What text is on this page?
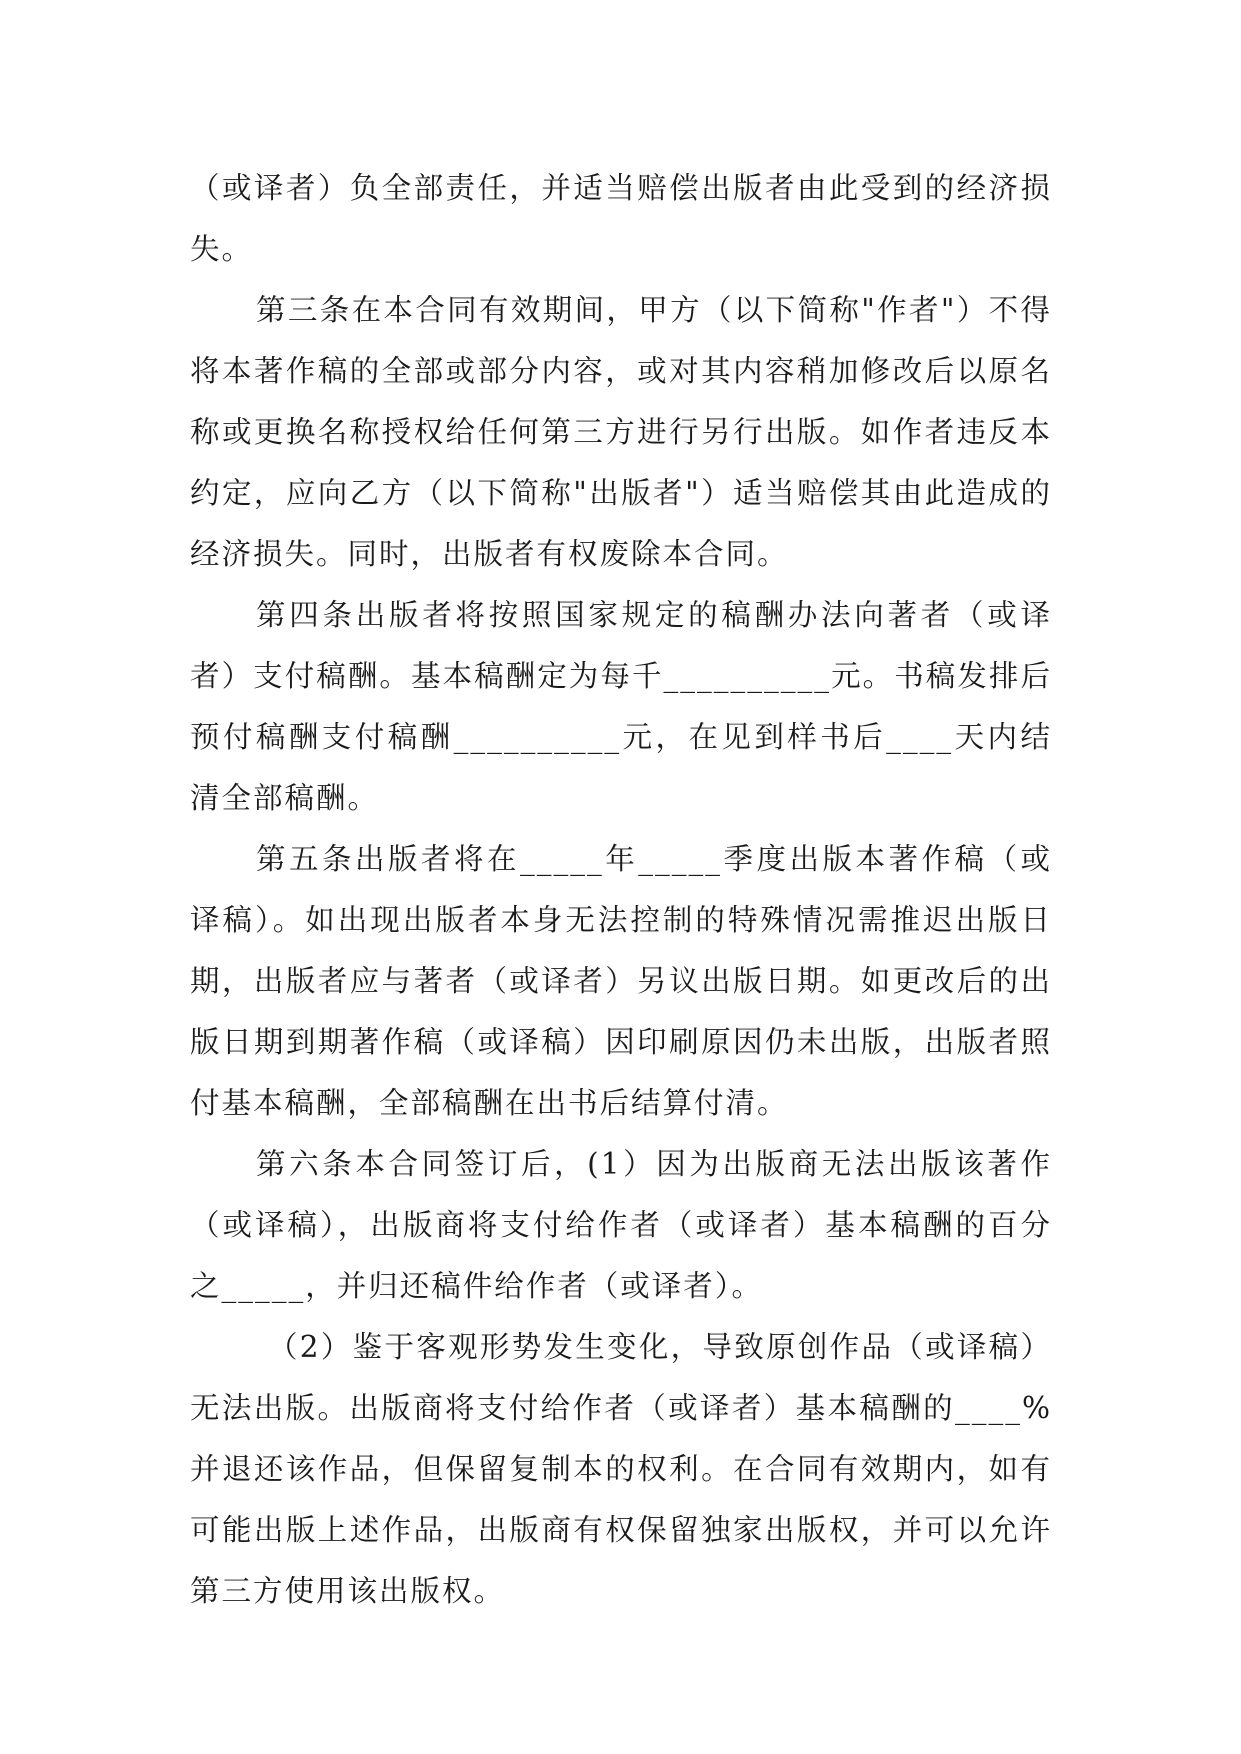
（或译者）负全部责任，并适当赔偿出版者由此受到的经济损失。

第三条在本合同有效期间，甲方（以下简称"作者"）不得将本著作稿的全部或部分内容，或对其内容稍加修改后以原名称或更换名称授权给任何第三方进行另行出版。如作者违反本约定，应向乙方（以下简称"出版者"）适当赔偿其由此造成的经济损失。同时，出版者有权废除本合同。

第四条出版者将按照国家规定的稿酬办法向著者（或译者）支付稿酬。基本稿酬定为每千__________元。书稿发排后预付稿酬支付稿酬__________元，在见到样书后____天内结清全部稿酬。

第五条出版者将在_____年_____季度出版本著作稿（或译稿）。如出现出版者本身无法控制的特殊情况需推迟出版日期，出版者应与著者（或译者）另议出版日期。如更改后的出版日期到期著作稿（或译稿）因印刷原因仍未出版，出版者照付基本稿酬，全部稿酬在出书后结算付清。

第六条本合同签订后，(1）因为出版商无法出版该著作（或译稿），出版商将支付给作者（或译者）基本稿酬的百分之_____，并归还稿件给作者（或译者）。

（2）鉴于客观形势发生变化，导致原创作品（或译稿）无法出版。出版商将支付给作者（或译者）基本稿酬的____%并退还该作品，但保留复制本的权利。在合同有效期内，如有可能出版上述作品，出版商有权保留独家出版权，并可以允许第三方使用该出版权。
